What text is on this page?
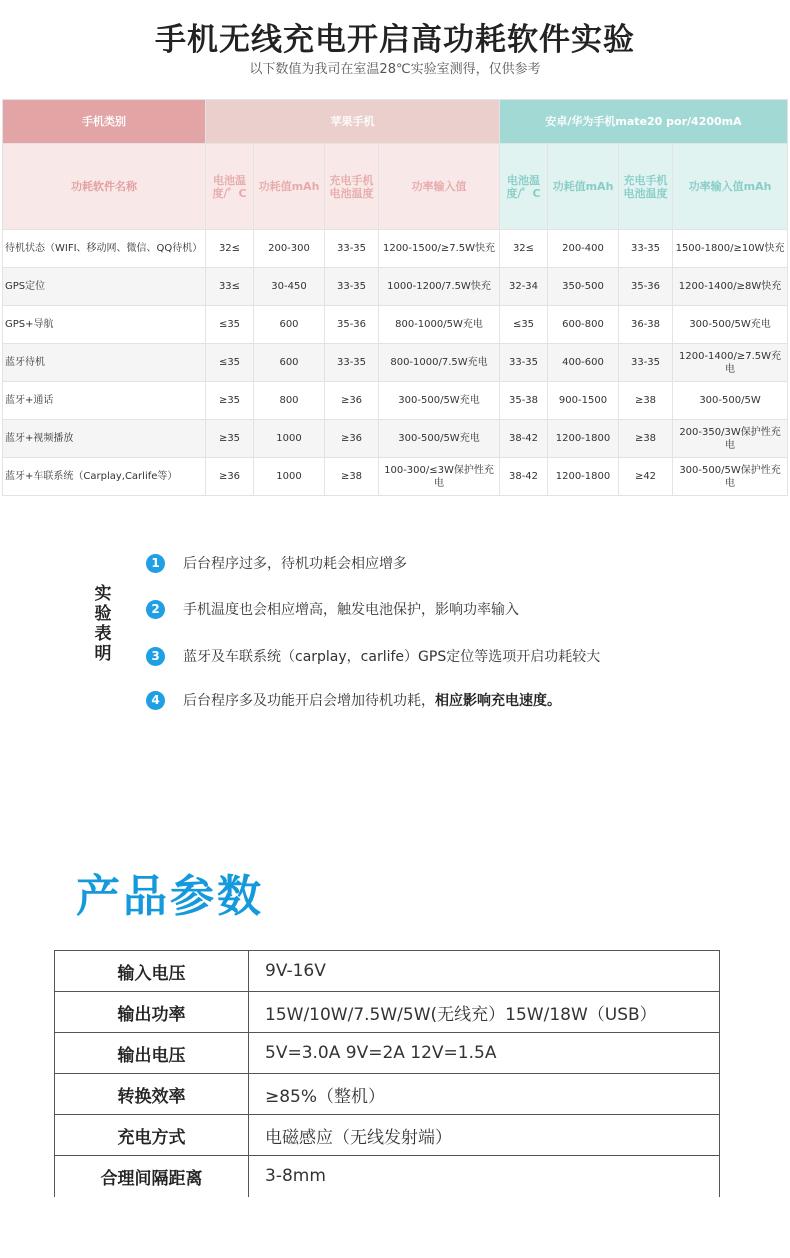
手机无线充电开启高功耗软件实验
以下数值为我司在室温28℃实验室测得，仅供参考
手机类别	苹果手机				安卓/华为手机mate20 por/4200mA			
功耗软件名称	电池温度/゜C	功耗值mAh	充电手机电池温度	功率输入值	电池温度/゜C	功耗值mAh	充电手机电池温度	功率输入值mAh
待机状态（WIFI、移动网、微信、QQ待机）	32≤	200-300	33-35	1200-1500/≥7.5W快充	32≤	200-400	33-35	1500-1800/≥10W快充
GPS定位	33≤	30-450	33-35	1000-1200/7.5W快充	32-34	350-500	35-36	1200-1400/≥8W快充
GPS+导航	≤35	600	35-36	800-1000/5W充电	≤35	600-800	36-38	300-500/5W充电
蓝牙待机	≤35	600	33-35	800-1000/7.5W充电	33-35	400-600	33-35	1200-1400/≥7.5W充电
蓝牙+通话	≥35	800	≥36	300-500/5W充电	35-38	900-1500	≥38	300-500/5W
蓝牙+视频播放	≥35	1000	≥36	300-500/5W充电	38-42	1200-1800	≥38	200-350/3W保护性充电
蓝牙+车联系统（Carplay,Carlife等）	≥36	1000	≥38	100-300/≤3W保护性充电	38-42	1200-1800	≥42	300-500/5W保护性充电
实验表明
1	后台程序过多，待机功耗会相应增多
2	手机温度也会相应增高，触发电池保护，影响功率输入
3	蓝牙及车联系统（carplay，carlife）GPS定位等选项开启功耗较大
4	后台程序多及功能开启会增加待机功耗， 相应影响充电速度。
产品参数
输入电压	9V-16V
输出功率	15W/10W/7.5W/5W(无线充）15W/18W（USB）
输出电压	5V=3.0A 9V=2A 12V=1.5A
转换效率	≥85%（整机）
充电方式	电磁感应（无线发射端）
合理间隔距离	3-8mm
